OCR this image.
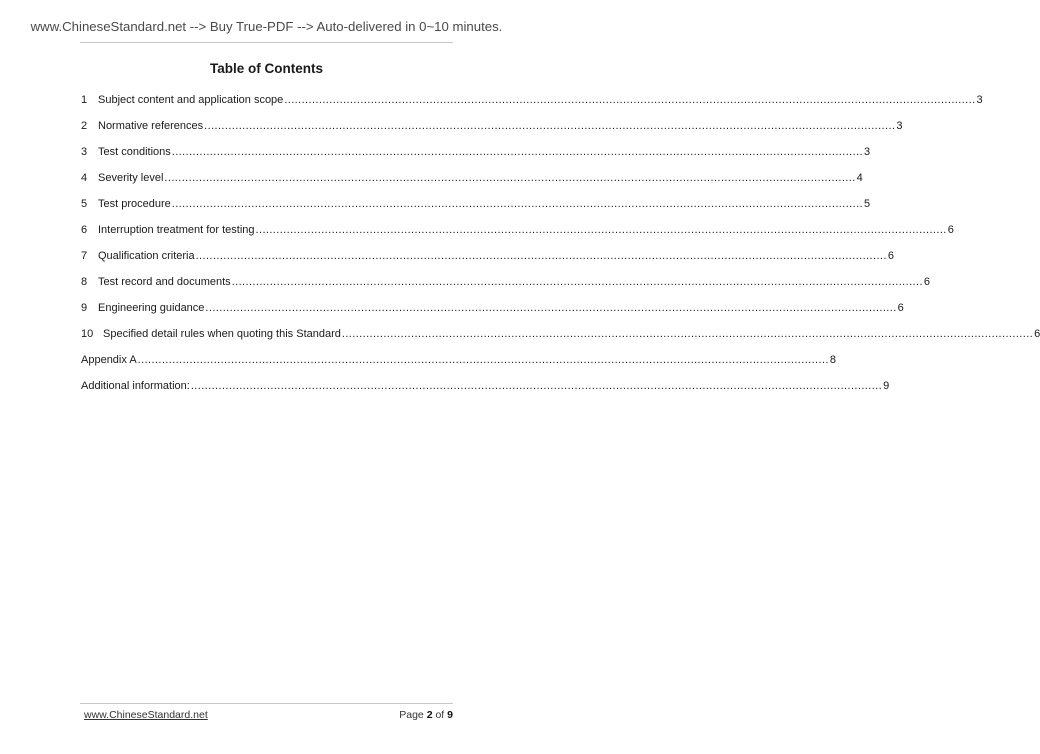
www.ChineseStandard.net --> Buy True-PDF --> Auto-delivered in 0~10 minutes.
Table of Contents
1 Subject content and application scope ........................................................................................................................................................................................................ 3
2 Normative references ........................................................................................................................................................................................................ 3
3 Test conditions ........................................................................................................................................................................................................ 3
4 Severity level ........................................................................................................................................................................................................ 4
5 Test procedure ........................................................................................................................................................................................................ 5
6 Interruption treatment for testing ........................................................................................................................................................................................................ 6
7 Qualification criteria ........................................................................................................................................................................................................ 6
8 Test record and documents ........................................................................................................................................................................................................ 6
9 Engineering guidance ........................................................................................................................................................................................................ 6
10 Specified detail rules when quoting this Standard ........................................................................................................................................................................................................ 6
Appendix A ........................................................................................................................................................................................................ 8
Additional information: ........................................................................................................................................................................................................ 9
www.ChineseStandard.net	Page 2 of 9
